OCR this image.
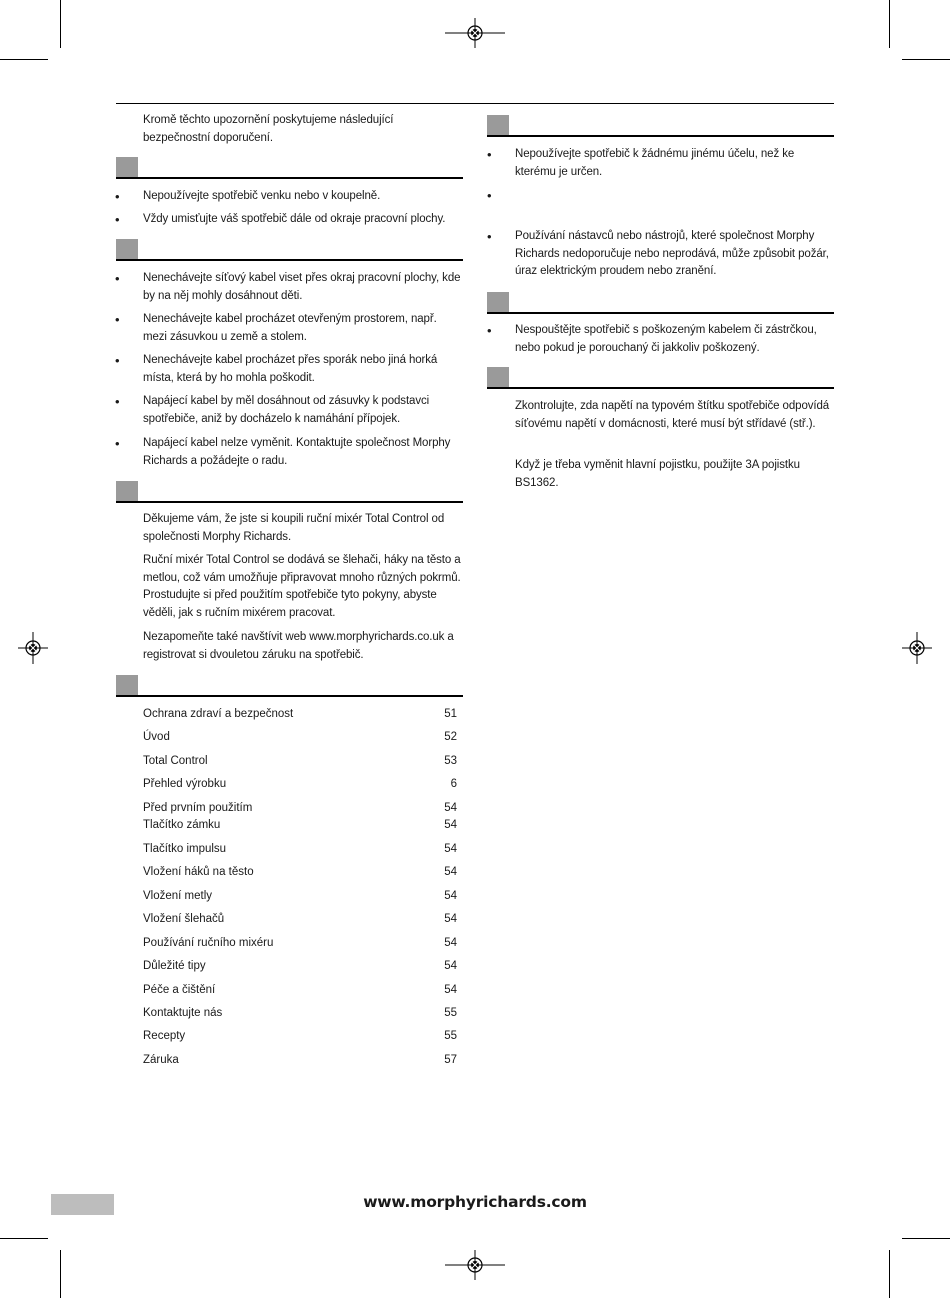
Kromě těchto upozornění poskytujeme následující bezpečnostní doporučení.
• Nepoužívejte spotřebič venku nebo v koupelně.
• Vždy umisťujte váš spotřebič dále od okraje pracovní plochy.
• Nenechávejte síťový kabel viset přes okraj pracovní plochy, kde by na něj mohly dosáhnout děti.
• Nenechávejte kabel procházet otevřeným prostorem, např. mezi zásuvkou u země a stolem.
• Nenechávejte kabel procházet přes sporák nebo jiná horká místa, která by ho mohla poškodit.
• Napájecí kabel by měl dosáhnout od zásuvky k podstavci spotřebiče, aniž by docházelo k namáhání přípojek.
• Napájecí kabel nelze vyměnit. Kontaktujte společnost Morphy Richards a požádejte o radu.
Děkujeme vám, že jste si koupili ruční mixér Total Control od společnosti Morphy Richards.
Ruční mixér Total Control se dodává se šlehači, háky na těsto a metlou, což vám umožňuje připravovat mnoho různých pokrmů. Prostudujte si před použitím spotřebiče tyto pokyny, abyste věděli, jak s ručním mixérem pracovat.
Nezapomeňte také navštívit web www.morphyrichards.co.uk a registrovat si dvouletou záruku na spotřebič.
Ochrana zdraví a bezpečnost	51
Úvod	52
Total Control	53
Přehled výrobku	6
Před prvním použitím	54
Tlačítko zámku	54
Tlačítko impulsu	54
Vložení háků na těsto	54
Vložení metly	54
Vložení šlehačů	54
Používání ručního mixéru	54
Důležité tipy	54
Péče a čištění	54
Kontaktujte nás	55
Recepty	55
Záruka	57
• Nepoužívejte spotřebič k žádnému jinému účelu, než ke kterému je určen.
•
• Používání nástavců nebo nástrojů, které společnost Morphy Richards nedoporučuje nebo neprodává, může způsobit požár, úraz elektrickým proudem nebo zranění.
• Nespouštějte spotřebič s poškozeným kabelem či zástrčkou, nebo pokud je porouchaný či jakkoliv poškozený.
Zkontrolujte, zda napětí na typovém štítku spotřebiče odpovídá síťovému napětí v domácnosti, které musí být střídavé (stř.).
Když je třeba vyměnit hlavní pojistku, použijte 3A pojistku BS1362.
www.morphyrichards.com
